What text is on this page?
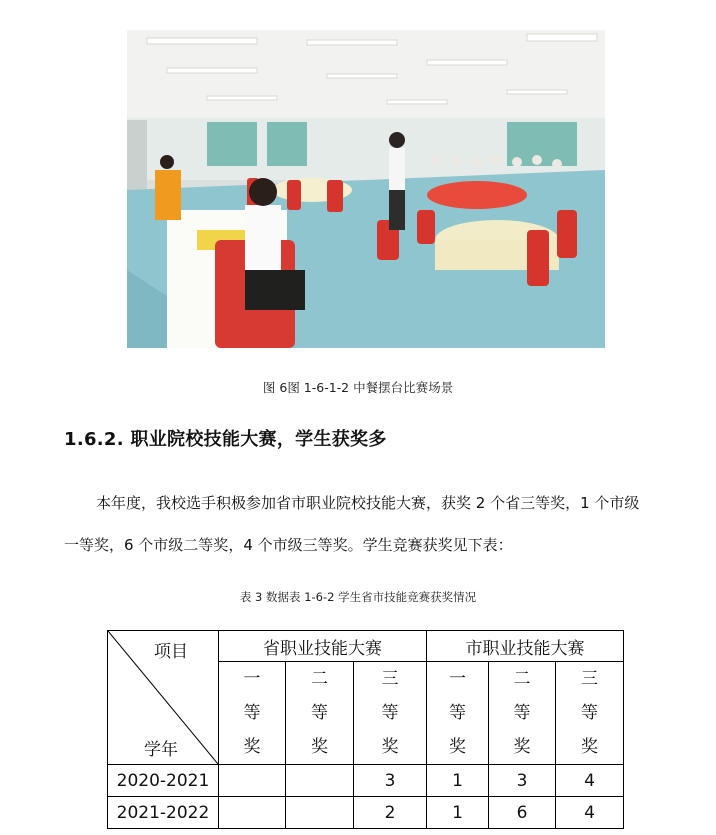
图 6图 1-6-1-2 中餐摆台比赛场景
1.6.2. 职业院校技能大赛，学生获奖多
本年度，我校选手积极参加省市职业院校技能大赛，获奖 2 个省三等奖，1 个市级
一等奖，6 个市级二等奖，4 个市级三等奖。学生竞赛获奖见下表：
表 3 数据表 1-6-2 学生省市技能竞赛获奖情况
项目
学年	省职业技能大赛			市职业技能大赛		

	一
等
奖	二
等
奖	三
等
奖	一
等
奖	二
等
奖	三
等
奖

2020-2021			3	1	3	4
2021-2022			2	1	6	4
